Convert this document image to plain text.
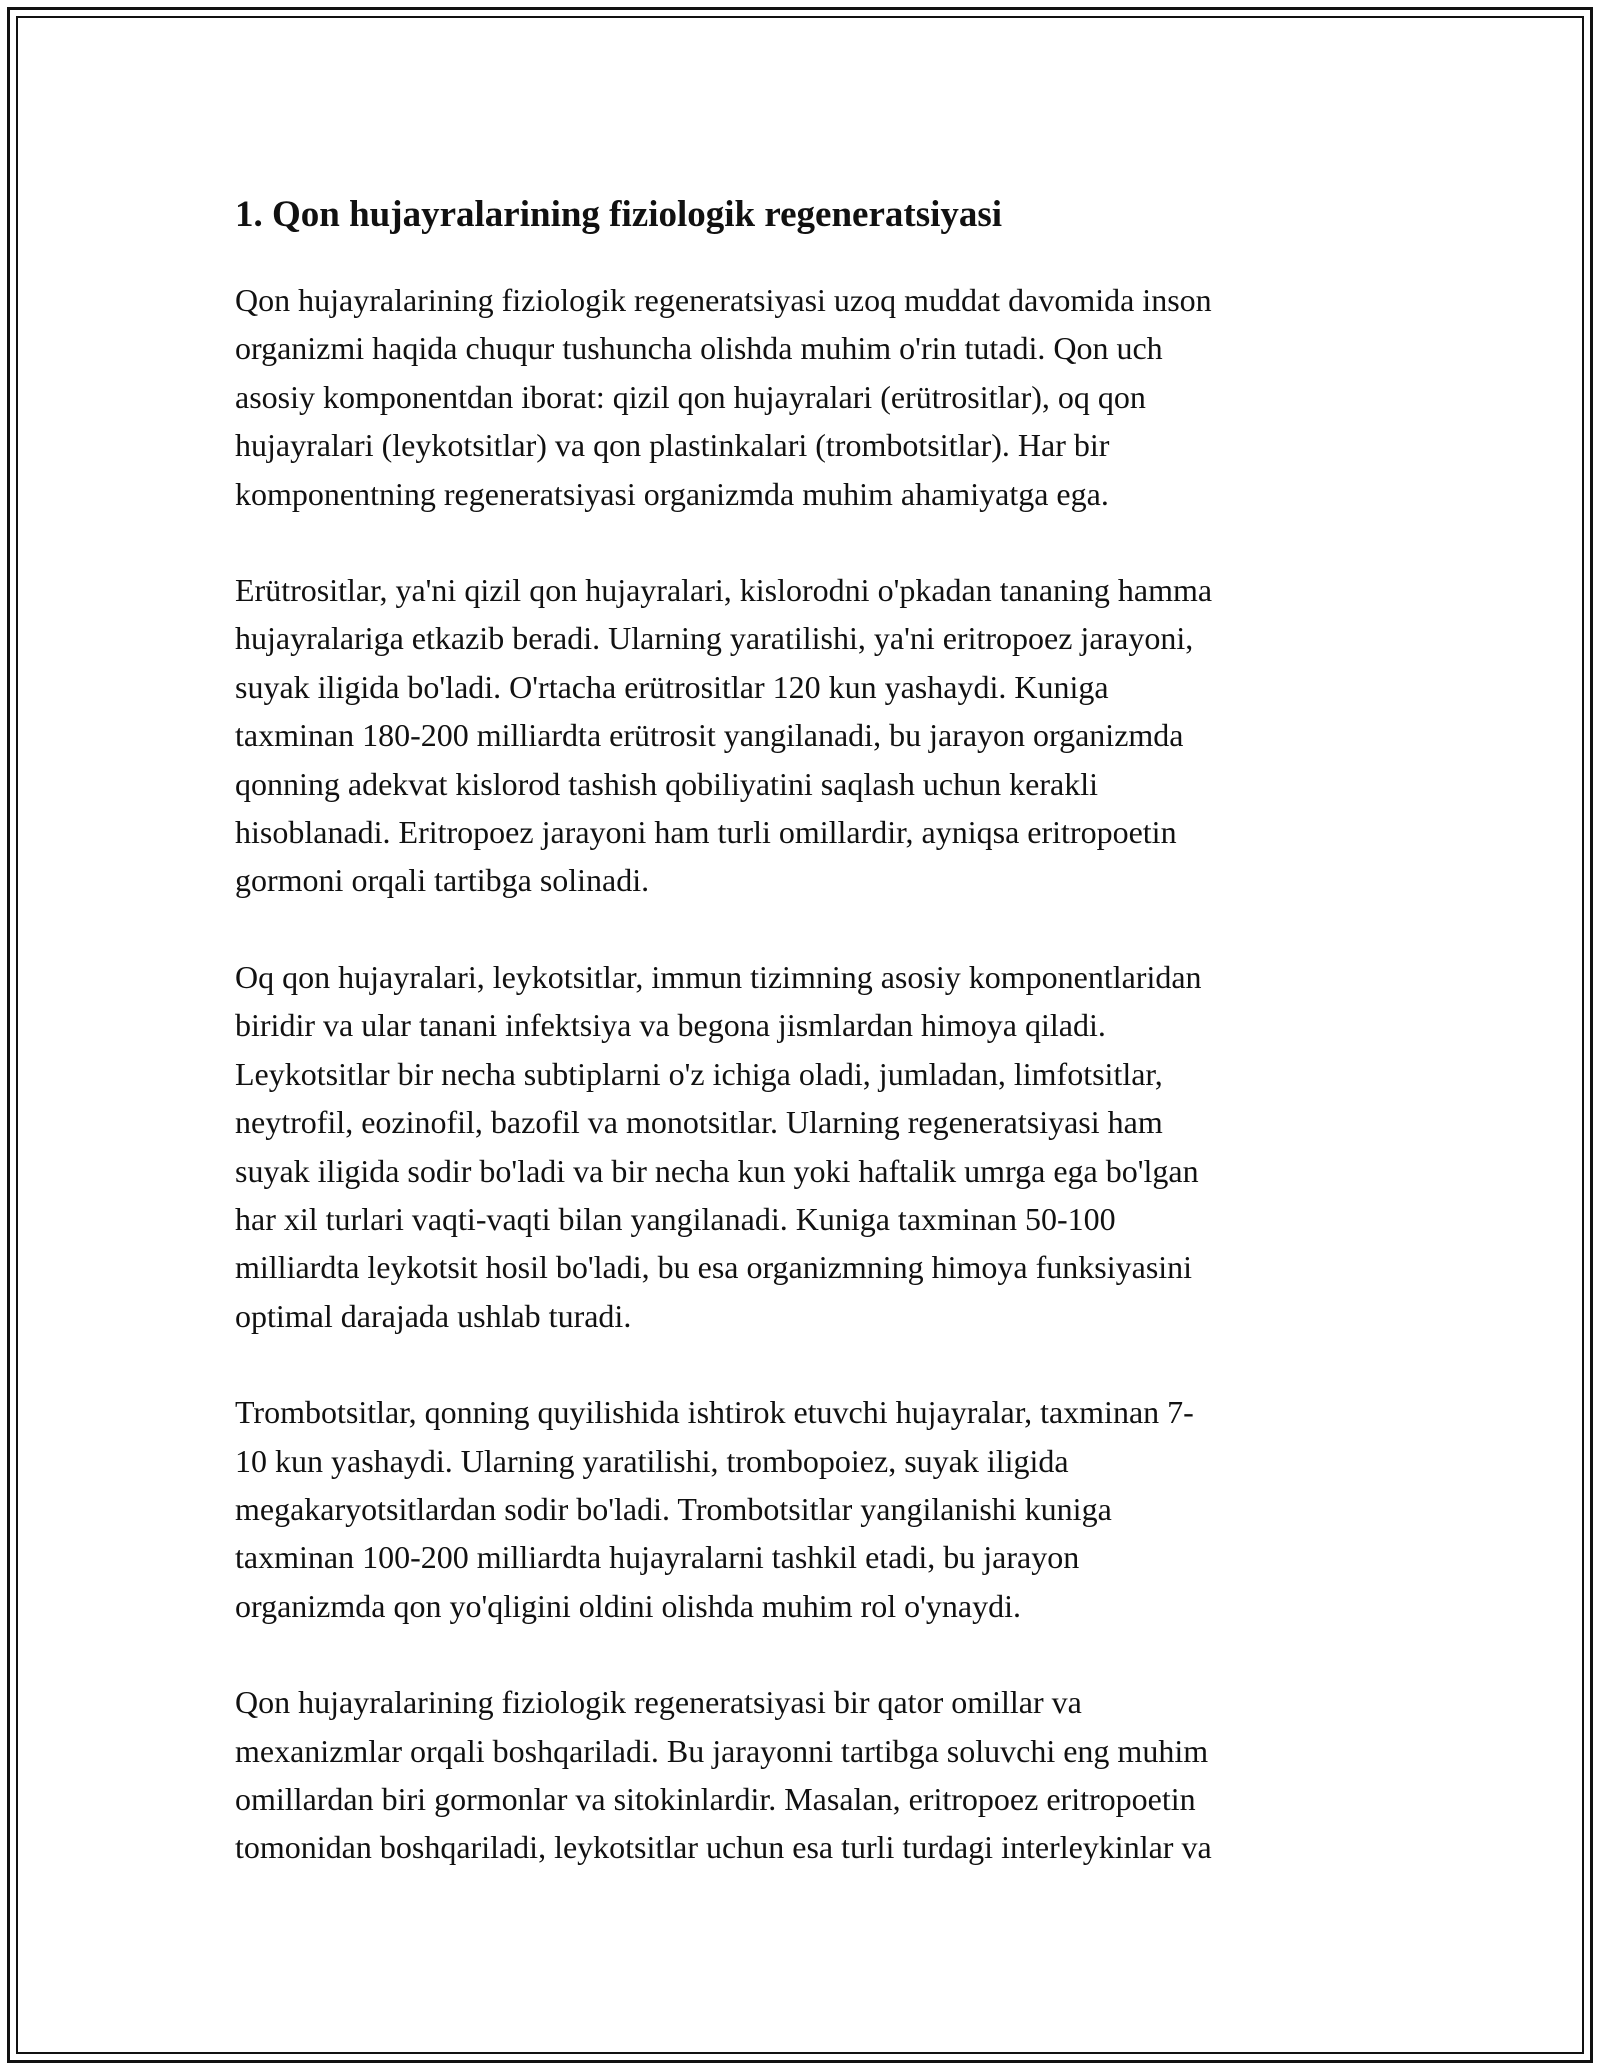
1. Qon hujayralarining fiziologik regeneratsiyasi

Qon hujayralarining fiziologik regeneratsiyasi uzoq muddat davomida inson
organizmi haqida chuqur tushuncha olishda muhim o'rin tutadi. Qon uch
asosiy komponentdan iborat: qizil qon hujayralari (erütrositlar), oq qon
hujayralari (leykotsitlar) va qon plastinkalari (trombotsitlar). Har bir
komponentning regeneratsiyasi organizmda muhim ahamiyatga ega.

Erütrositlar, ya'ni qizil qon hujayralari, kislorodni o'pkadan tananing hamma
hujayralariga etkazib beradi. Ularning yaratilishi, ya'ni eritropoez jarayoni,
suyak iligida bo'ladi. O'rtacha erütrositlar 120 kun yashaydi. Kuniga
taxminan 180-200 milliardta erütrosit yangilanadi, bu jarayon organizmda
qonning adekvat kislorod tashish qobiliyatini saqlash uchun kerakli
hisoblanadi. Eritropoez jarayoni ham turli omillardir, ayniqsa eritropoetin
gormoni orqali tartibga solinadi.

Oq qon hujayralari, leykotsitlar, immun tizimning asosiy komponentlaridan
biridir va ular tanani infektsiya va begona jismlardan himoya qiladi.
Leykotsitlar bir necha subtiplarni o'z ichiga oladi, jumladan, limfotsitlar,
neytrofil, eozinofil, bazofil va monotsitlar. Ularning regeneratsiyasi ham
suyak iligida sodir bo'ladi va bir necha kun yoki haftalik umrga ega bo'lgan
har xil turlari vaqti-vaqti bilan yangilanadi. Kuniga taxminan 50-100
milliardta leykotsit hosil bo'ladi, bu esa organizmning himoya funksiyasini
optimal darajada ushlab turadi.

Trombotsitlar, qonning quyilishida ishtirok etuvchi hujayralar, taxminan 7-
10 kun yashaydi. Ularning yaratilishi, trombopoiez, suyak iligida
megakaryotsitlardan sodir bo'ladi. Trombotsitlar yangilanishi kuniga
taxminan 100-200 milliardta hujayralarni tashkil etadi, bu jarayon
organizmda qon yo'qligini oldini olishda muhim rol o'ynaydi.

Qon hujayralarining fiziologik regeneratsiyasi bir qator omillar va
mexanizmlar orqali boshqariladi. Bu jarayonni tartibga soluvchi eng muhim
omillardan biri gormonlar va sitokinlardir. Masalan, eritropoez eritropoetin
tomonidan boshqariladi, leykotsitlar uchun esa turli turdagi interleykinlar va
